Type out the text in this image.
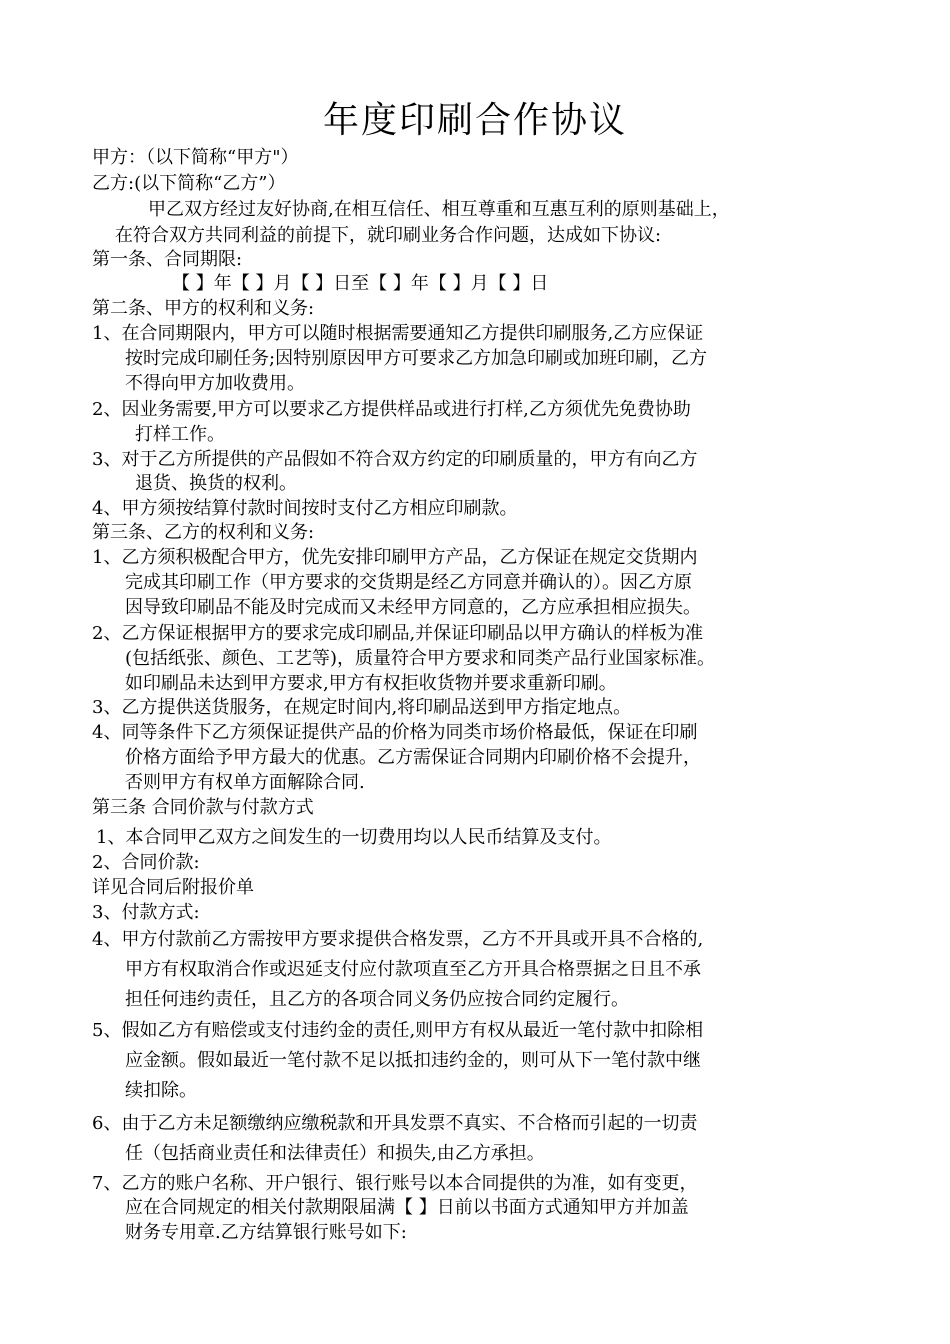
年度印刷合作协议
甲方：（以下简称“甲方"）
乙方:(以下简称“乙方”）
甲乙双方经过友好协商,在相互信任、相互尊重和互惠互利的原则基础上，
在符合双方共同利益的前提下，就印刷业务合作问题，达成如下协议:
第一条、合同期限:
【 】年【 】月【 】日至【 】年【 】月【 】日
第二条、甲方的权利和义务:
1、在合同期限内，甲方可以随时根据需要通知乙方提供印刷服务,乙方应保证
按时完成印刷任务;因特别原因甲方可要求乙方加急印刷或加班印刷，乙方
不得向甲方加收费用。
2、因业务需要,甲方可以要求乙方提供样品或进行打样,乙方须优先免费协助
打样工作。
3、对于乙方所提供的产品假如不符合双方约定的印刷质量的，甲方有向乙方
退货、换货的权利。
4、甲方须按结算付款时间按时支付乙方相应印刷款。
第三条、乙方的权利和义务:
1、乙方须积极配合甲方，优先安排印刷甲方产品，乙方保证在规定交货期内
完成其印刷工作（甲方要求的交货期是经乙方同意并确认的）。因乙方原
因导致印刷品不能及时完成而又未经甲方同意的，乙方应承担相应损失。
2、乙方保证根据甲方的要求完成印刷品,并保证印刷品以甲方确认的样板为准
(包括纸张、颜色、工艺等)，质量符合甲方要求和同类产品行业国家标准。
如印刷品未达到甲方要求,甲方有权拒收货物并要求重新印刷。
3、乙方提供送货服务，在规定时间内,将印刷品送到甲方指定地点。
4、同等条件下乙方须保证提供产品的价格为同类市场价格最低，保证在印刷
价格方面给予甲方最大的优惠。乙方需保证合同期内印刷价格不会提升，
否则甲方有权单方面解除合同.
第三条 合同价款与付款方式
1、本合同甲乙双方之间发生的一切费用均以人民币结算及支付。
2、合同价款:
详见合同后附报价单
3、付款方式:
4、甲方付款前乙方需按甲方要求提供合格发票，乙方不开具或开具不合格的,
甲方有权取消合作或迟延支付应付款项直至乙方开具合格票据之日且不承
担任何违约责任，且乙方的各项合同义务仍应按合同约定履行。
5、假如乙方有赔偿或支付违约金的责任,则甲方有权从最近一笔付款中扣除相
应金额。假如最近一笔付款不足以抵扣违约金的，则可从下一笔付款中继
续扣除。
6、由于乙方未足额缴纳应缴税款和开具发票不真实、不合格而引起的一切责
任（包括商业责任和法律责任）和损失,由乙方承担。
7、乙方的账户名称、开户银行、银行账号以本合同提供的为准，如有变更，
应在合同规定的相关付款期限届满【 】日前以书面方式通知甲方并加盖
财务专用章.乙方结算银行账号如下:
